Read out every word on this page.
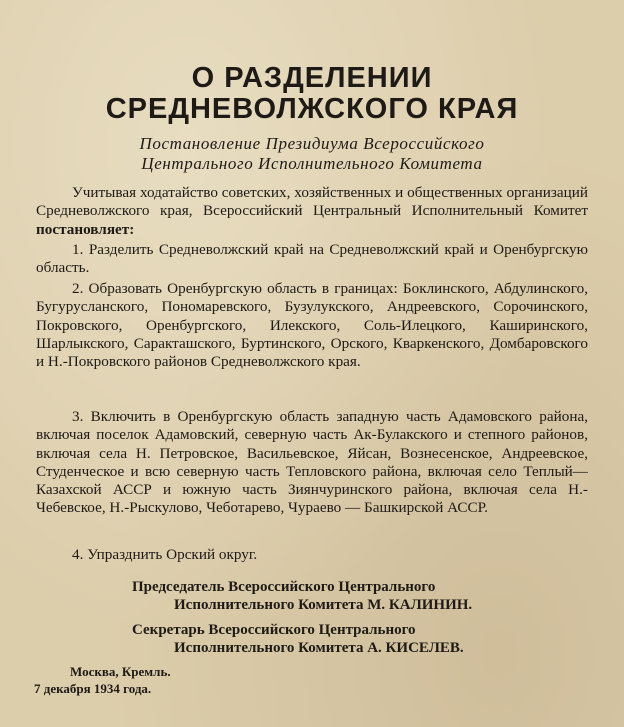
О РАЗДЕЛЕНИИ
СРЕДНЕВОЛЖСКОГО КРАЯ

Постановление Президиума Всероссийского

Центрального Исполнительного Комитета

Учитывая ходатайство советских, хозяйственных и общественных организаций Средневолжского края, Всероссийский Центральный Исполнительный Комитет постановляет:

1. Разделить Средневолжский край на Средневолжский край и Оренбургскую область.

2. Образовать Оренбургскую область в границах: Боклинского, Абдулинского, Бугурусланского, Пономаревского, Бузулукского, Андреевского, Сорочинского, Покровского, Оренбургского, Илекского, Соль-Илецкого, Каширинского, Шарлыкского, Саракташского, Буртинского, Орского, Кваркенского, Домбаровского и Н.-Покровского районов Средневолжского края.

3. Включить в Оренбургскую область западную часть Адамовского района, включая поселок Адамовский, северную часть Ак-Булакского и степного районов, включая села Н. Петровское, Васильевское, Яйсан, Вознесенское, Андреевское, Студенческое и всю северную часть Тепловского района, включая село Теплый—Казахской АССР и южную часть Зиянчуринского района, включая села Н.-Чебевское, Н.-Рыскулово, Чеботарево, Чураево — Башкирской АССР.

4. Упразднить Орский округ.

Председатель Всероссийского Центрального

Исполнительного Комитета М. КАЛИНИН.

Секретарь Всероссийского Центрального

Исполнительного Комитета А. КИСЕЛЕВ.

Москва, Кремль.

7 декабря 1934 года.
